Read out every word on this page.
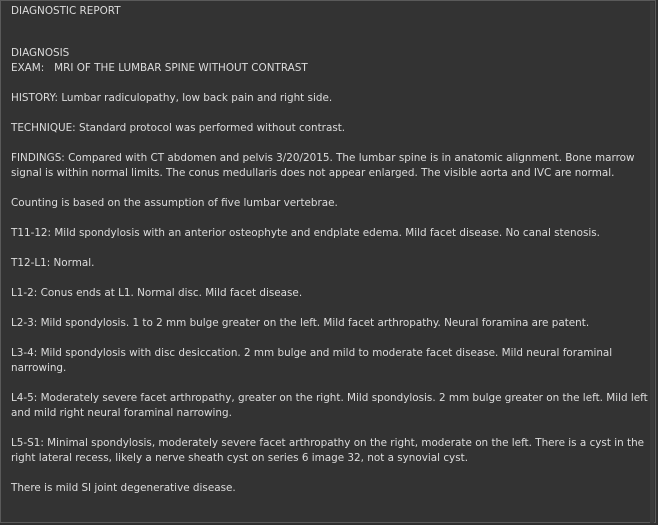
DIAGNOSTIC REPORT
DIAGNOSIS
EXAM:   MRI OF THE LUMBAR SPINE WITHOUT CONTRAST
HISTORY: Lumbar radiculopathy, low back pain and right side.
TECHNIQUE: Standard protocol was performed without contrast.
FINDINGS: Compared with CT abdomen and pelvis 3/20/2015. The lumbar spine is in anatomic alignment. Bone marrow signal is within normal limits. The conus medullaris does not appear enlarged. The visible aorta and IVC are normal.
Counting is based on the assumption of five lumbar vertebrae.
T11-12: Mild spondylosis with an anterior osteophyte and endplate edema. Mild facet disease. No canal stenosis.
T12-L1: Normal.
L1-2: Conus ends at L1. Normal disc. Mild facet disease.
L2-3: Mild spondylosis. 1 to 2 mm bulge greater on the left. Mild facet arthropathy. Neural foramina are patent.
L3-4: Mild spondylosis with disc desiccation. 2 mm bulge and mild to moderate facet disease. Mild neural foraminal narrowing.
L4-5: Moderately severe facet arthropathy, greater on the right. Mild spondylosis. 2 mm bulge greater on the left. Mild left and mild right neural foraminal narrowing.
L5-S1: Minimal spondylosis, moderately severe facet arthropathy on the right, moderate on the left. There is a cyst in the right lateral recess, likely a nerve sheath cyst on series 6 image 32, not a synovial cyst.
There is mild SI joint degenerative disease.
